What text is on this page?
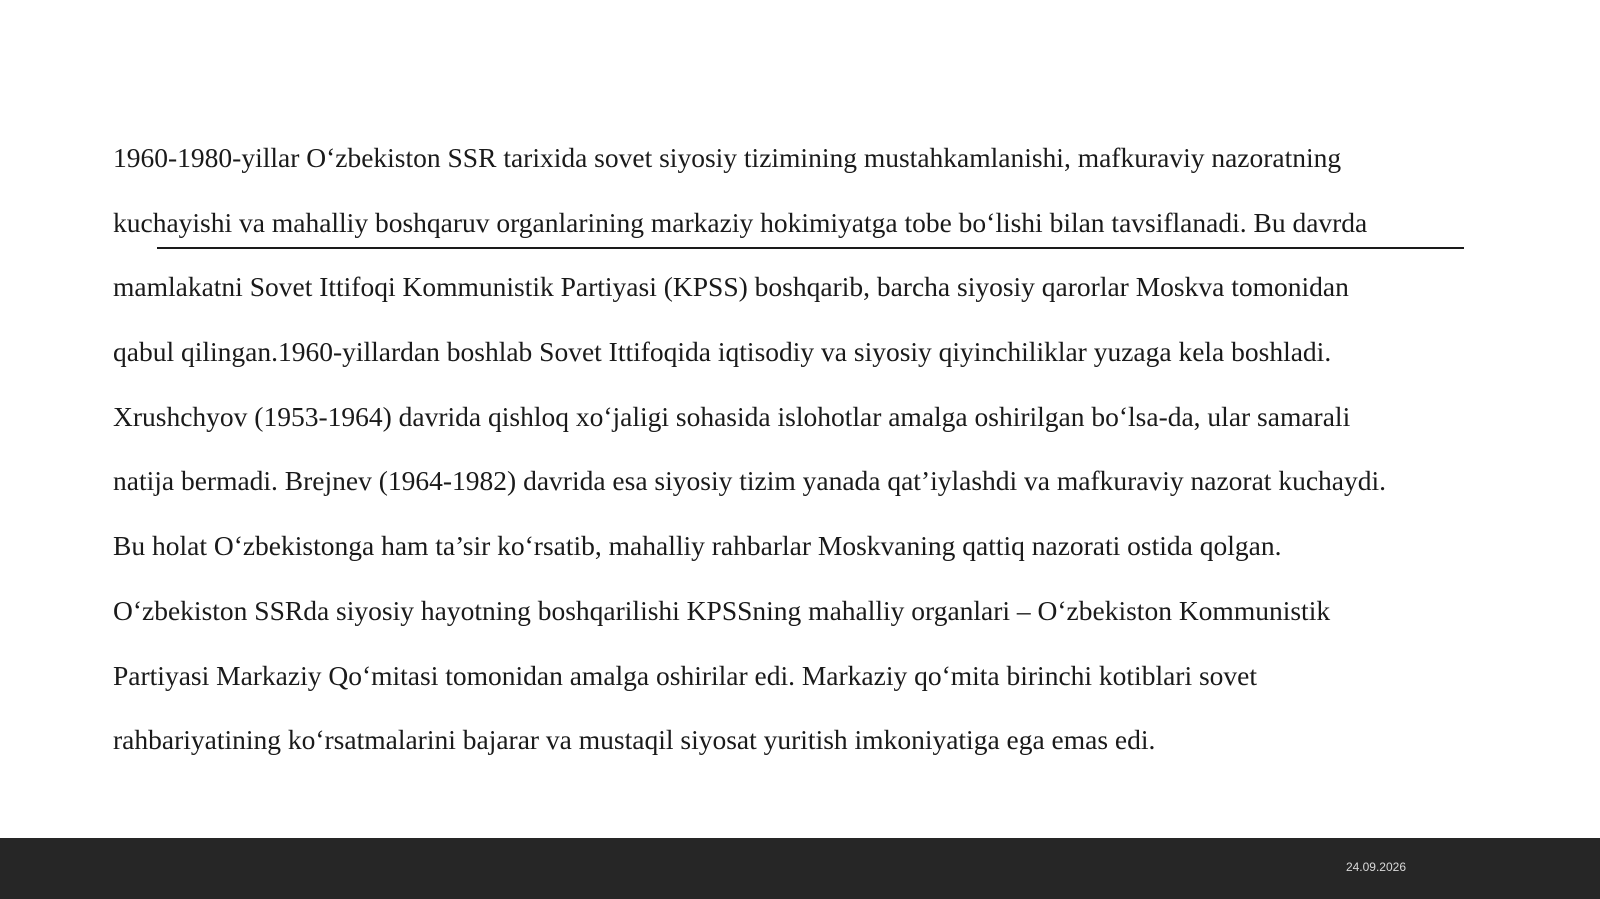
1960-1980-yillar O‘zbekiston SSR tarixida sovet siyosiy tizimining mustahkamlanishi, mafkuraviy nazoratning
kuchayishi va mahalliy boshqaruv organlarining markaziy hokimiyatga tobe bo‘lishi bilan tavsiflanadi. Bu davrda
mamlakatni Sovet Ittifoqi Kommunistik Partiyasi (KPSS) boshqarib, barcha siyosiy qarorlar Moskva tomonidan
qabul qilingan.1960-yillardan boshlab Sovet Ittifoqida iqtisodiy va siyosiy qiyinchiliklar yuzaga kela boshladi.
Xrushchyov (1953-1964) davrida qishloq xo‘jaligi sohasida islohotlar amalga oshirilgan bo‘lsa-da, ular samarali
natija bermadi. Brejnev (1964-1982) davrida esa siyosiy tizim yanada qat’iylashdi va mafkuraviy nazorat kuchaydi.
Bu holat O‘zbekistonga ham ta’sir ko‘rsatib, mahalliy rahbarlar Moskvaning qattiq nazorati ostida qolgan.
O‘zbekiston SSRda siyosiy hayotning boshqarilishi KPSSning mahalliy organlari – O‘zbekiston Kommunistik
Partiyasi Markaziy Qo‘mitasi tomonidan amalga oshirilar edi. Markaziy qo‘mita birinchi kotiblari sovet
rahbariyatining ko‘rsatmalarini bajarar va mustaqil siyosat yuritish imkoniyatiga ega emas edi.
24.09.2026
